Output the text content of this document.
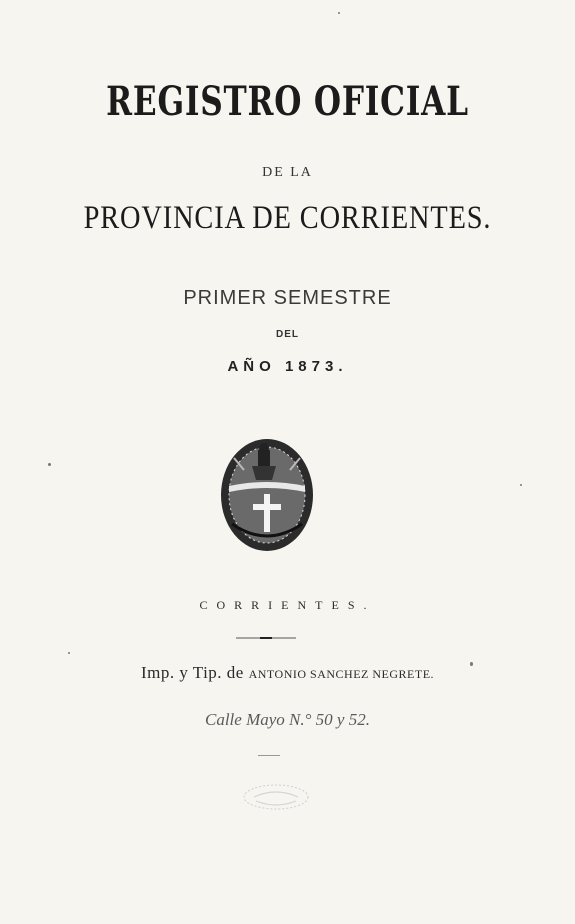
REGISTRO OFICIAL
DE LA
PROVINCIA DE CORRIENTES.
PRIMER SEMESTRE
DEL
AÑO 1873.
CORRIENTES.
Imp. y Tip. de ANTONIO SANCHEZ NEGRETE.
Calle Mayo N.° 50 y 52.
